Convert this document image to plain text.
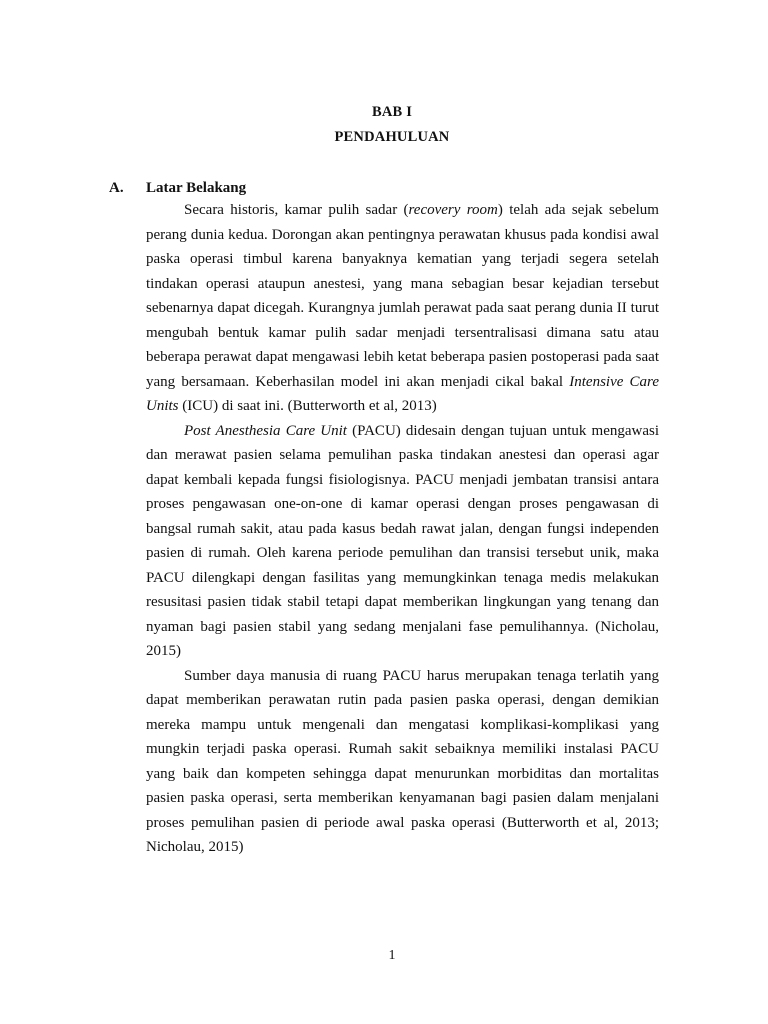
BAB I
PENDAHULUAN
A. Latar Belakang

Secara historis, kamar pulih sadar (recovery room) telah ada sejak sebelum perang dunia kedua. Dorongan akan pentingnya perawatan khusus pada kondisi awal paska operasi timbul karena banyaknya kematian yang terjadi segera setelah tindakan operasi ataupun anestesi, yang mana sebagian besar kejadian tersebut sebenarnya dapat dicegah. Kurangnya jumlah perawat pada saat perang dunia II turut mengubah bentuk kamar pulih sadar menjadi tersentralisasi dimana satu atau beberapa perawat dapat mengawasi lebih ketat beberapa pasien postoperasi pada saat yang bersamaan. Keberhasilan model ini akan menjadi cikal bakal Intensive Care Units (ICU) di saat ini. (Butterworth et al, 2013)

Post Anesthesia Care Unit (PACU) didesain dengan tujuan untuk mengawasi dan merawat pasien selama pemulihan paska tindakan anestesi dan operasi agar dapat kembali kepada fungsi fisiologisnya. PACU menjadi jembatan transisi antara proses pengawasan one-on-one di kamar operasi dengan proses pengawasan di bangsal rumah sakit, atau pada kasus bedah rawat jalan, dengan fungsi independen pasien di rumah. Oleh karena periode pemulihan dan transisi tersebut unik, maka PACU dilengkapi dengan fasilitas yang memungkinkan tenaga medis melakukan resusitasi pasien tidak stabil tetapi dapat memberikan lingkungan yang tenang dan nyaman bagi pasien stabil yang sedang menjalani fase pemulihannya. (Nicholau, 2015)

Sumber daya manusia di ruang PACU harus merupakan tenaga terlatih yang dapat memberikan perawatan rutin pada pasien paska operasi, dengan demikian mereka mampu untuk mengenali dan mengatasi komplikasi-komplikasi yang mungkin terjadi paska operasi. Rumah sakit sebaiknya memiliki instalasi PACU yang baik dan kompeten sehingga dapat menurunkan morbiditas dan mortalitas pasien paska operasi, serta memberikan kenyamanan bagi pasien dalam menjalani proses pemulihan pasien di periode awal paska operasi (Butterworth et al, 2013; Nicholau, 2015)

1
